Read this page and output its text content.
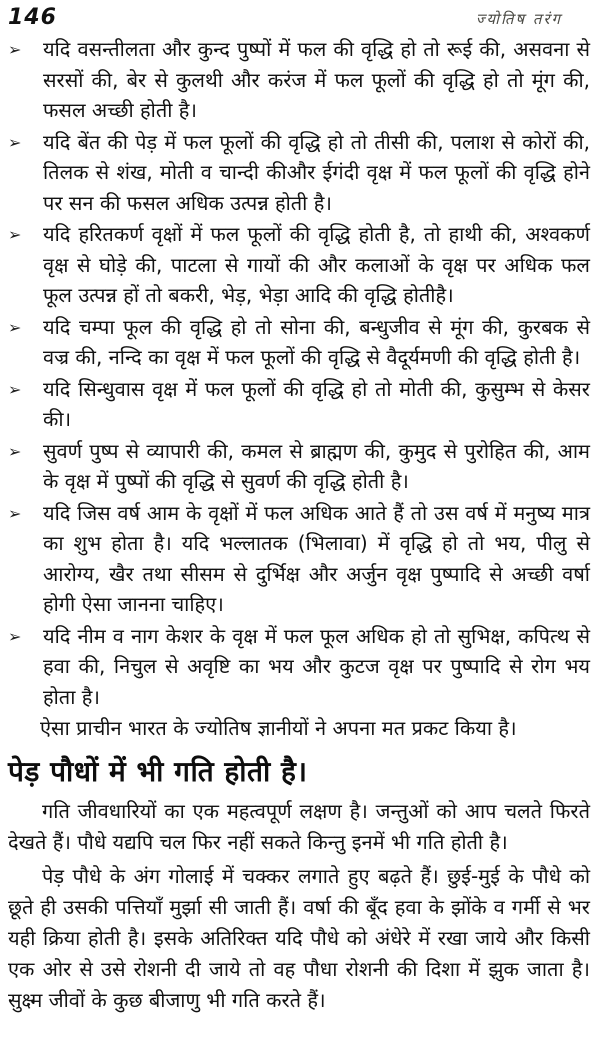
146	ज्योतिष तरंग
➢	यदि वसन्तीलता और कुन्द पुष्पों में फल की वृद्धि हो तो रूई की, असवना से सरसों की, बेर से कुलथी और करंज में फल फूलों की वृद्धि हो तो मूंग की, फसल अच्छी होती है।
➢	यदि बेंत की पेड़ में फल फूलों की वृद्धि हो तो तीसी की, पलाश से कोरों की, तिलक से शंख, मोती व चान्दी कीऔर ईगंदी वृक्ष में फल फूलों की वृद्धि होने पर सन की फसल अधिक उत्पन्न होती है।
➢	यदि हरितकर्ण वृक्षों में फल फूलों की वृद्धि होती है, तो हाथी की, अश्वकर्ण वृक्ष से घोड़े की, पाटला से गायों की और कलाओं के वृक्ष पर अधिक फल फूल उत्पन्न हों तो बकरी, भेड़, भेड़ा आदि की वृद्धि होतीहै।
➢	यदि चम्पा फूल की वृद्धि हो तो सोना की, बन्धुजीव से मूंग की, कुरबक से वज्र की, नन्दि का वृक्ष में फल फूलों की वृद्धि से वैदूर्यमणी की वृद्धि होती है।
➢	यदि सिन्धुवास वृक्ष में फल फूलों की वृद्धि हो तो मोती की, कुसुम्भ से केसर की।
➢	सुवर्ण पुष्प से व्यापारी की, कमल से ब्राह्मण की, कुमुद से पुरोहित की, आम के वृक्ष में पुष्पों की वृद्धि से सुवर्ण की वृद्धि होती है।
➢	यदि जिस वर्ष आम के वृक्षों में फल अधिक आते हैं तो उस वर्ष में मनुष्य मात्र का शुभ होता है। यदि भल्लातक (भिलावा) में वृद्धि हो तो भय, पीलु से आरोग्य, खैर तथा सीसम से दुर्भिक्ष और अर्जुन वृक्ष पुष्पादि से अच्छी वर्षा होगी ऐसा जानना चाहिए।
➢	यदि नीम व नाग केशर के वृक्ष में फल फूल अधिक हो तो सुभिक्ष, कपित्थ से हवा की, निचुल से अवृष्टि का भय और कुटज वृक्ष पर पुष्पादि से रोग भय होता है।

ऐसा प्राचीन भारत के ज्योतिष ज्ञानीयों ने अपना मत प्रकट किया है।

पेड़ पौधों में भी गति होती है।

गति जीवधारियों का एक महत्वपूर्ण लक्षण है। जन्तुओं को आप चलते फिरते देखते हैं। पौधे यद्यपि चल फिर नहीं सकते किन्तु इनमें भी गति होती है।

पेड़ पौधे के अंग गोलाई में चक्कर लगाते हुए बढ़ते हैं। छुई-मुई के पौधे को छूते ही उसकी पत्तियाँ मुर्झा सी जाती हैं। वर्षा की बूँद हवा के झोंके व गर्मी से भर यही क्रिया होती है। इसके अतिरिक्त यदि पौधे को अंधेरे में रखा जाये और किसी एक ओर से उसे रोशनी दी जाये तो वह पौधा रोशनी की दिशा में झुक जाता है। सुक्ष्म जीवों के कुछ बीजाणु भी गति करते हैं।
